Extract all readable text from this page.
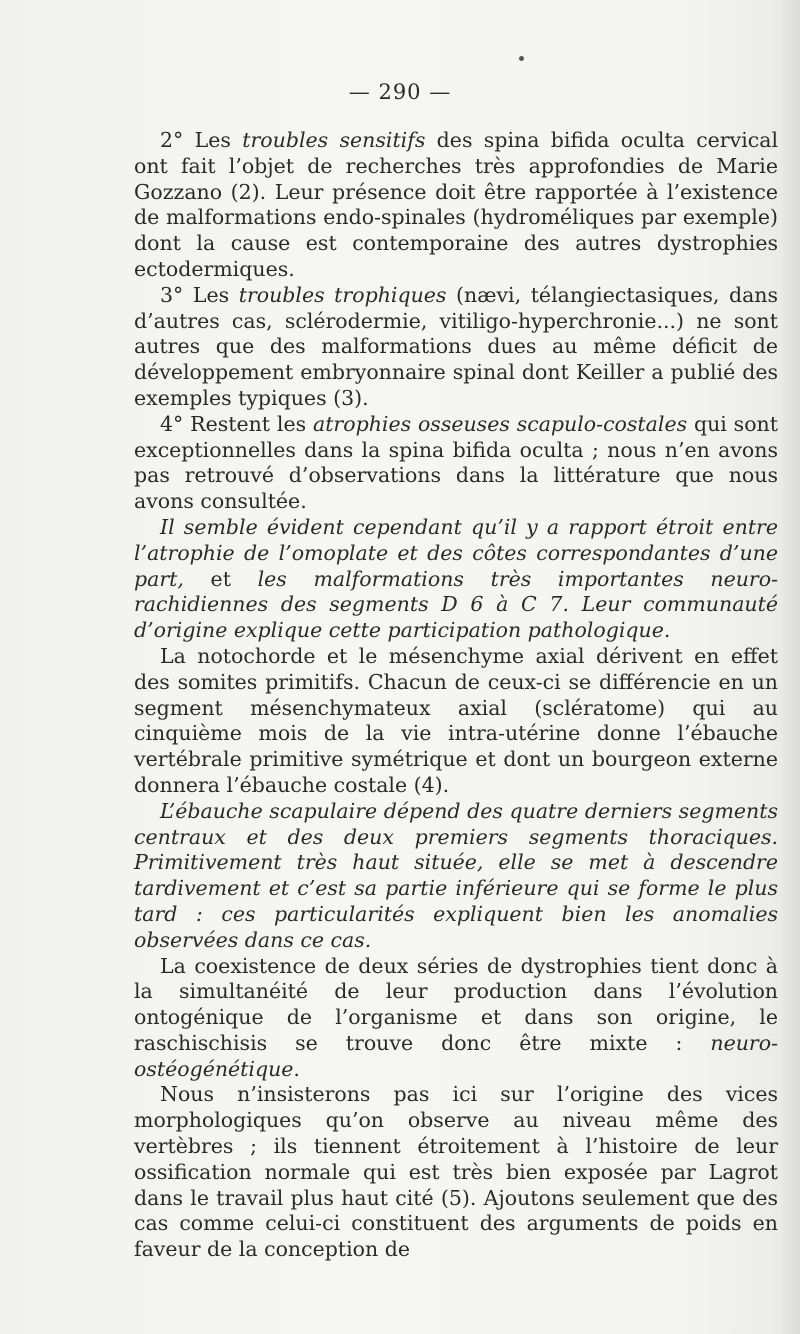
— 290 —

2° Les troubles sensitifs des spina bifida oculta cervical ont fait l’objet de recherches très approfondies de Marie Gozzano (2). Leur présence doit être rapportée à l’existence de malformations endo-spinales (hydroméliques par exemple) dont la cause est contemporaine des autres dystrophies ectodermiques.

3° Les troubles trophiques (nævi, télangiectasiques, dans d’autres cas, sclérodermie, vitiligo-hyperchronie...) ne sont autres que des malformations dues au même déficit de développement embryonnaire spinal dont Keiller a publié des exemples typiques (3).

4° Restent les atrophies osseuses scapulo-costales qui sont exceptionnelles dans la spina bifida oculta ; nous n’en avons pas retrouvé d’observations dans la littérature que nous avons consultée.

Il semble évident cependant qu’il y a rapport étroit entre l’atrophie de l’omoplate et des côtes correspondantes d’une part, et les malformations très importantes neuro-rachidiennes des segments D 6 à C 7. Leur communauté d’origine explique cette participation pathologique.

La notochorde et le mésenchyme axial dérivent en effet des somites primitifs. Chacun de ceux-ci se différencie en un segment mésenchymateux axial (sclératome) qui au cinquième mois de la vie intra-utérine donne l’ébauche vertébrale primitive symétrique et dont un bourgeon externe donnera l’ébauche costale (4).

L’ébauche scapulaire dépend des quatre derniers segments centraux et des deux premiers segments thoraciques. Primitivement très haut située, elle se met à descendre tardivement et c’est sa partie inférieure qui se forme le plus tard : ces particularités expliquent bien les anomalies observées dans ce cas.

La coexistence de deux séries de dystrophies tient donc à la simultanéité de leur production dans l’évolution ontogénique de l’organisme et dans son origine, le raschischisis se trouve donc être mixte : neuro-ostéogénétique.

Nous n’insisterons pas ici sur l’origine des vices morphologiques qu’on observe au niveau même des vertèbres ; ils tiennent étroitement à l’histoire de leur ossification normale qui est très bien exposée par Lagrot dans le travail plus haut cité (5). Ajoutons seulement que des cas comme celui-ci constituent des arguments de poids en faveur de la conception de
